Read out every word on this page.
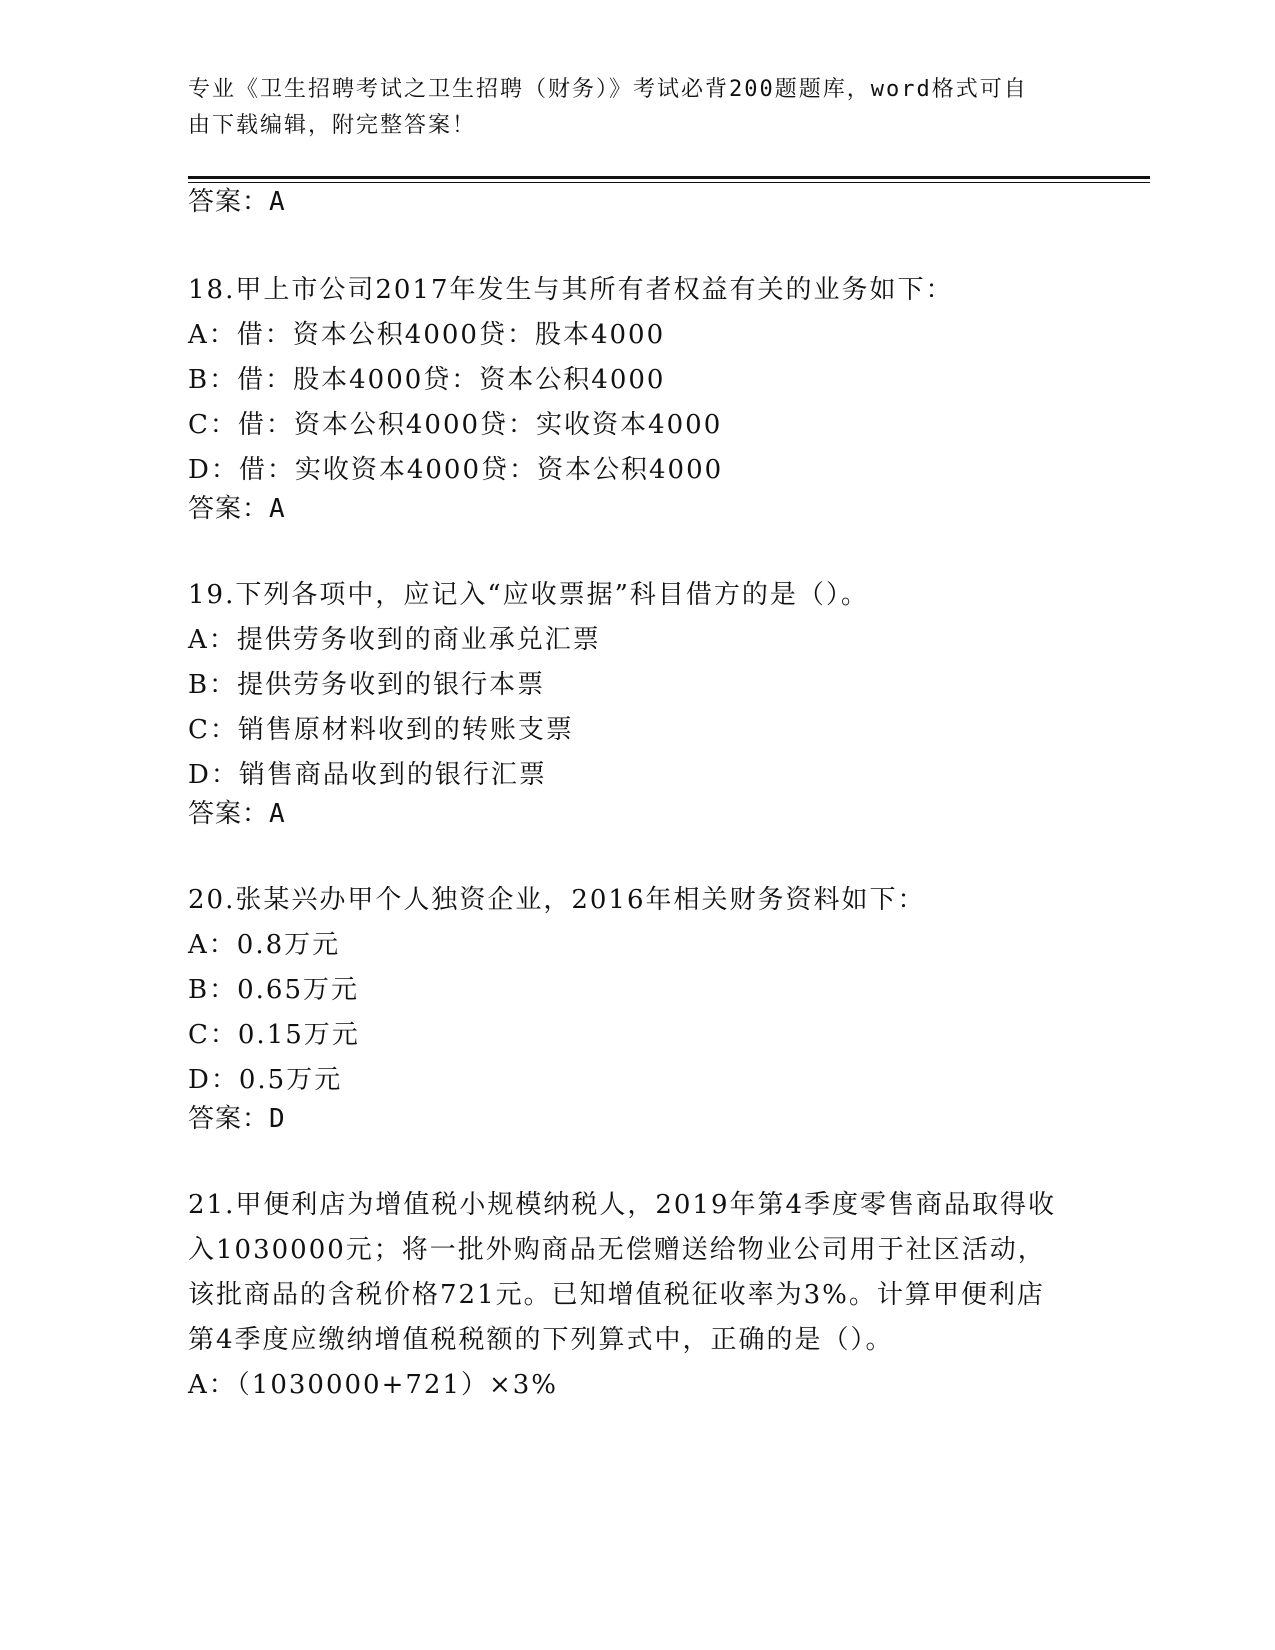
专业《卫生招聘考试之卫生招聘（财务）》考试必背200题题库，word格式可自
由下载编辑，附完整答案！
答案：A
18.甲上市公司2017年发生与其所有者权益有关的业务如下：
A：借：资本公积4000贷：股本4000
B：借：股本4000贷：资本公积4000
C：借：资本公积4000贷：实收资本4000
D：借：实收资本4000贷：资本公积4000
答案：A
19.下列各项中，应记入“应收票据”科目借方的是（）。
A：提供劳务收到的商业承兑汇票
B：提供劳务收到的银行本票
C：销售原材料收到的转账支票
D：销售商品收到的银行汇票
答案：A
20.张某兴办甲个人独资企业，2016年相关财务资料如下：
A：0.8万元
B：0.65万元
C：0.15万元
D：0.5万元
答案：D
21.甲便利店为增值税小规模纳税人，2019年第4季度零售商品取得收
入1030000元；将一批外购商品无偿赠送给物业公司用于社区活动，
该批商品的含税价格721元。已知增值税征收率为3%。计算甲便利店
第4季度应缴纳增值税税额的下列算式中，正确的是（）。
A：（1030000+721）×3%
